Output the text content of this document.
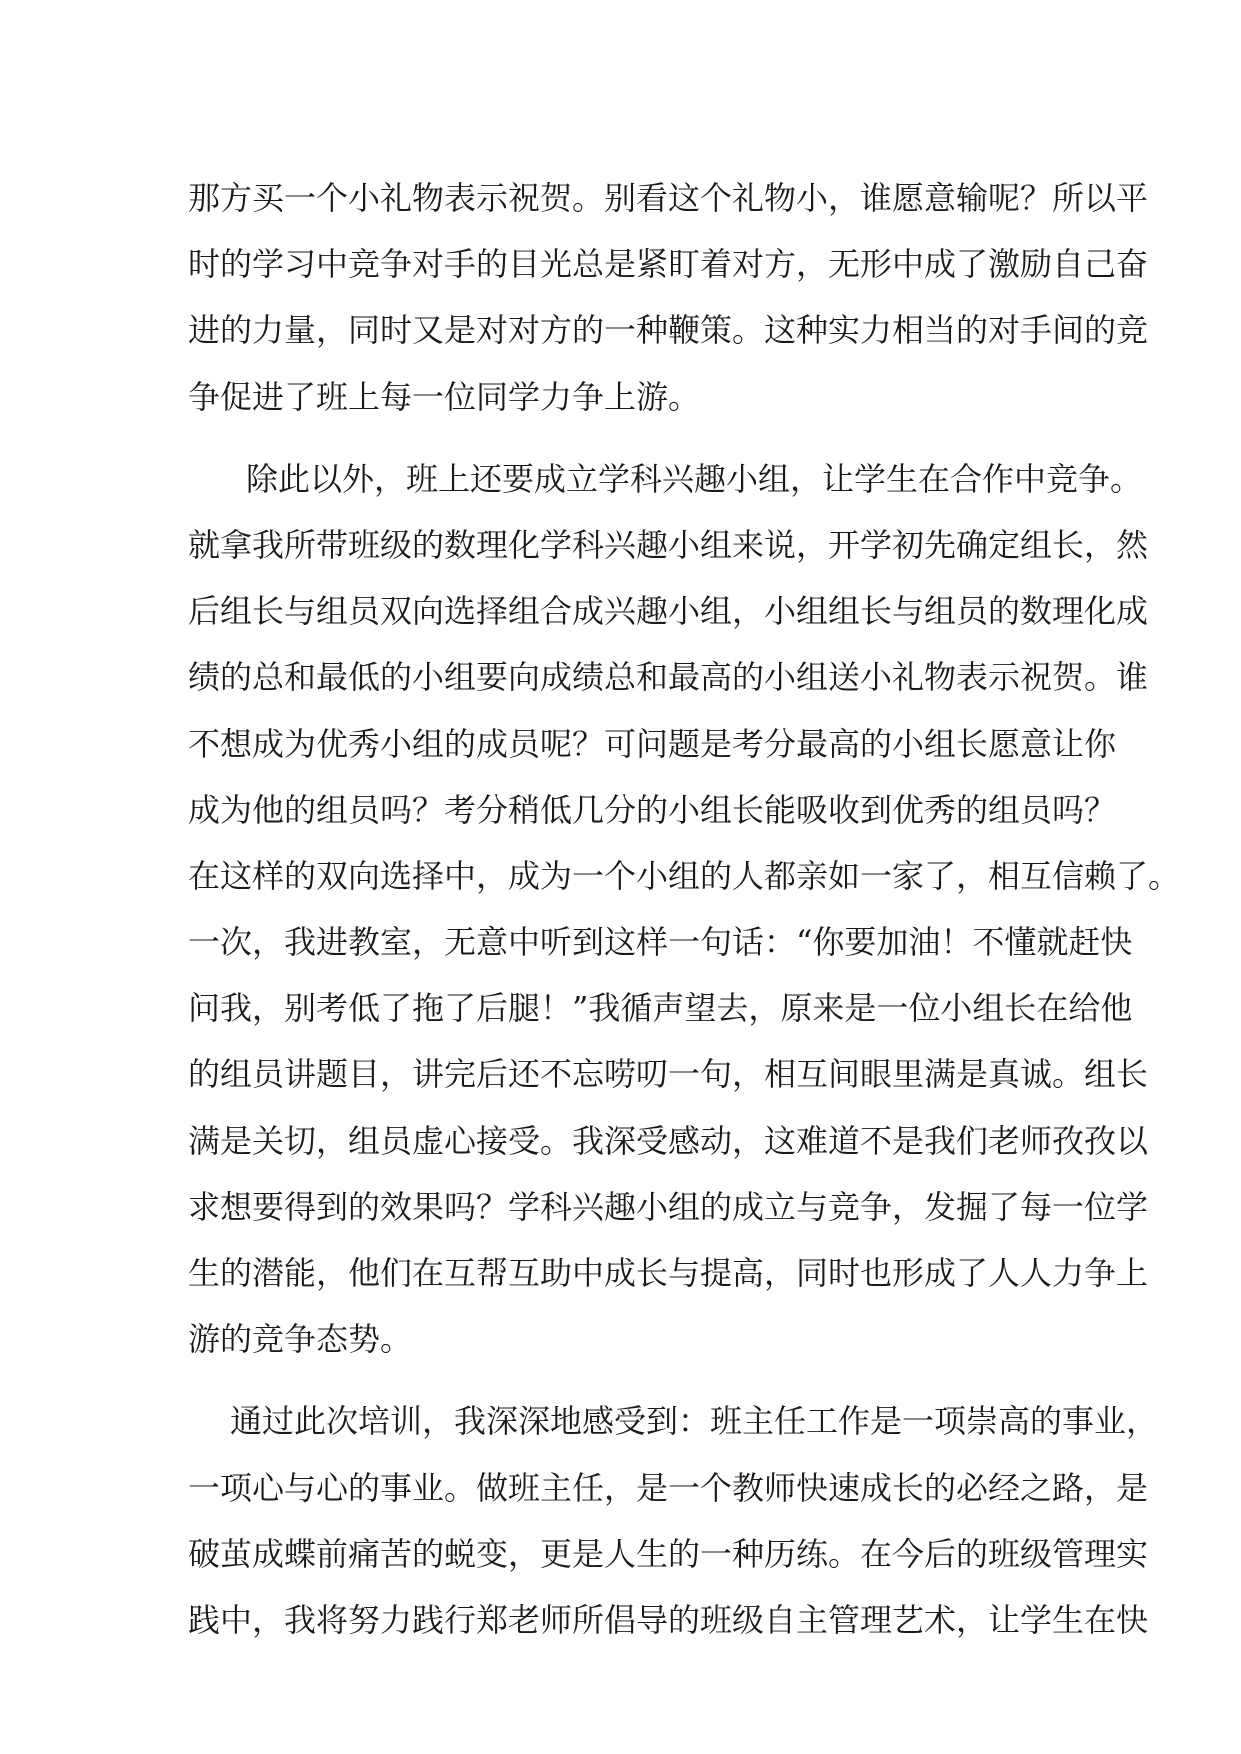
那方买一个小礼物表示祝贺。别看这个礼物小，谁愿意输呢？所以平
时的学习中竞争对手的目光总是紧盯着对方，无形中成了激励自己奋
进的力量，同时又是对对方的一种鞭策。这种实力相当的对手间的竞
争促进了班上每一位同学力争上游。
除此以外，班上还要成立学科兴趣小组，让学生在合作中竞争。
就拿我所带班级的数理化学科兴趣小组来说，开学初先确定组长，然
后组长与组员双向选择组合成兴趣小组，小组组长与组员的数理化成
绩的总和最低的小组要向成绩总和最高的小组送小礼物表示祝贺。谁
不想成为优秀小组的成员呢？可问题是考分最高的小组长愿意让你
成为他的组员吗？考分稍低几分的小组长能吸收到优秀的组员吗？
在这样的双向选择中，成为一个小组的人都亲如一家了，相互信赖了。
一次，我进教室，无意中听到这样一句话：“你要加油！不懂就赶快
问我，别考低了拖了后腿！”我循声望去，原来是一位小组长在给他
的组员讲题目，讲完后还不忘唠叨一句，相互间眼里满是真诚。组长
满是关切，组员虚心接受。我深受感动，这难道不是我们老师孜孜以
求想要得到的效果吗？学科兴趣小组的成立与竞争，发掘了每一位学
生的潜能，他们在互帮互助中成长与提高，同时也形成了人人力争上
游的竞争态势。
通过此次培训，我深深地感受到：班主任工作是一项崇高的事业，
一项心与心的事业。做班主任，是一个教师快速成长的必经之路，是
破茧成蝶前痛苦的蜕变，更是人生的一种历练。在今后的班级管理实
践中，我将努力践行郑老师所倡导的班级自主管理艺术，让学生在快
